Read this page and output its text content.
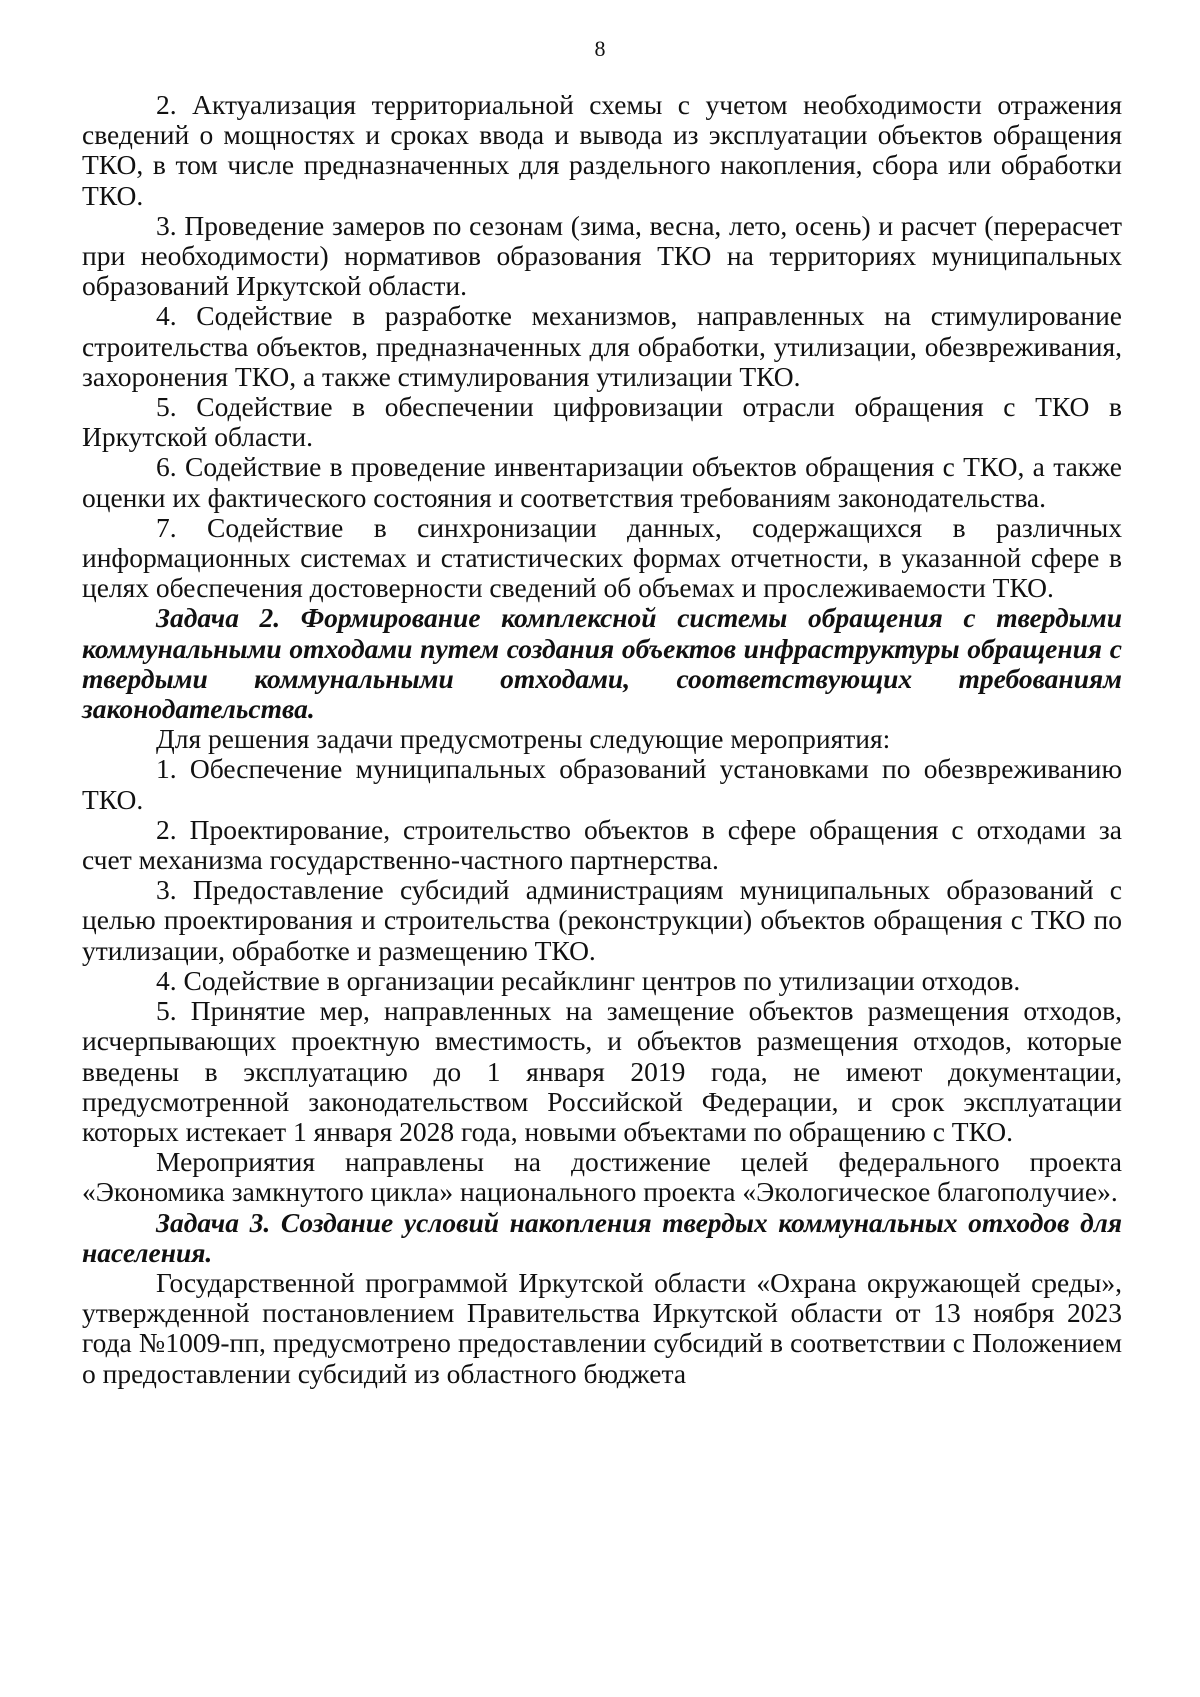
8

2. Актуализация территориальной схемы с учетом необходимости отражения сведений о мощностях и сроках ввода и вывода из эксплуатации объектов обращения ТКО, в том числе предназначенных для раздельного накопления, сбора или обработки ТКО.

3. Проведение замеров по сезонам (зима, весна, лето, осень) и расчет (перерасчет при необходимости) нормативов образования ТКО на территориях муниципальных образований Иркутской области.

4. Содействие в разработке механизмов, направленных на стимулирование строительства объектов, предназначенных для обработки, утилизации, обезвреживания, захоронения ТКО, а также стимулирования утилизации ТКО.

5. Содействие в обеспечении цифровизации отрасли обращения с ТКО в Иркутской области.

6. Содействие в проведение инвентаризации объектов обращения с ТКО, а также оценки их фактического состояния и соответствия требованиям законодательства.

7. Содействие в синхронизации данных, содержащихся в различных информационных системах и статистических формах отчетности, в указанной сфере в целях обеспечения достоверности сведений об объемах и прослеживаемости ТКО.

Задача 2. Формирование комплексной системы обращения с твердыми коммунальными отходами путем создания объектов инфраструктуры обращения с твердыми коммунальными отходами, соответствующих требованиям законодательства.

Для решения задачи предусмотрены следующие мероприятия:

1. Обеспечение муниципальных образований установками по обезвреживанию ТКО.

2. Проектирование, строительство объектов в сфере обращения с отходами за счет механизма государственно-частного партнерства.

3. Предоставление субсидий администрациям муниципальных образований с целью проектирования и строительства (реконструкции) объектов обращения с ТКО по утилизации, обработке и размещению ТКО.

4. Содействие в организации ресайклинг центров по утилизации отходов.

5. Принятие мер, направленных на замещение объектов размещения отходов, исчерпывающих проектную вместимость, и объектов размещения отходов, которые введены в эксплуатацию до 1 января 2019 года, не имеют документации, предусмотренной законодательством Российской Федерации, и срок эксплуатации которых истекает 1 января 2028 года, новыми объектами по обращению с ТКО.

Мероприятия направлены на достижение целей федерального проекта «Экономика замкнутого цикла» национального проекта «Экологическое благополучие».

Задача 3. Создание условий накопления твердых коммунальных отходов для населения.

Государственной программой Иркутской области «Охрана окружающей среды», утвержденной постановлением Правительства Иркутской области от 13 ноября 2023 года №1009-пп, предусмотрено предоставлении субсидий в соответствии с Положением о предоставлении субсидий из областного бюджета
